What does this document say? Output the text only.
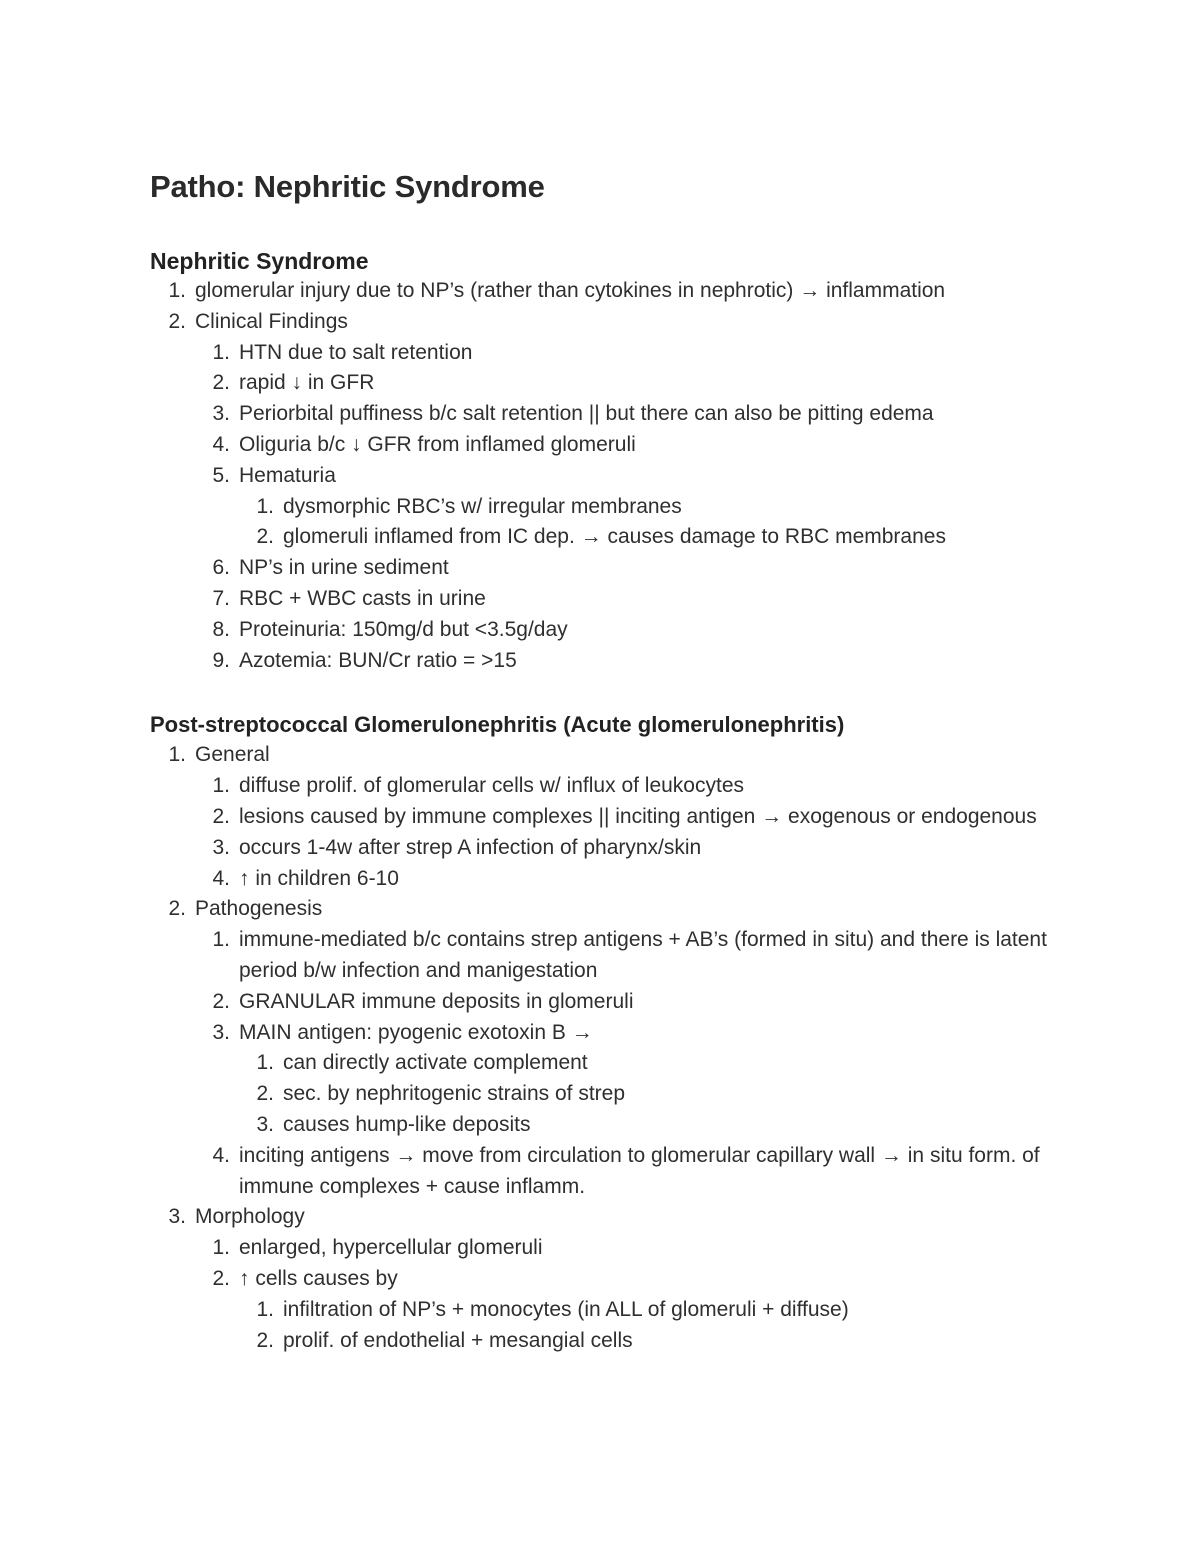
Patho: Nephritic Syndrome
Nephritic Syndrome
1. glomerular injury due to NP’s (rather than cytokines in nephrotic) → inflammation
2. Clinical Findings
1. HTN due to salt retention
2. rapid ↓ in GFR
3. Periorbital puffiness b/c salt retention || but there can also be pitting edema
4. Oliguria b/c ↓ GFR from inflamed glomeruli
5. Hematuria
1. dysmorphic RBC’s w/ irregular membranes
2. glomeruli inflamed from IC dep. → causes damage to RBC membranes
6. NP’s in urine sediment
7. RBC + WBC casts in urine
8. Proteinuria: 150mg/d but <3.5g/day
9. Azotemia: BUN/Cr ratio = >15
Post-streptococcal Glomerulonephritis (Acute glomerulonephritis)
1. General
1. diffuse prolif. of glomerular cells w/ influx of leukocytes
2. lesions caused by immune complexes || inciting antigen → exogenous or endogenous
3. occurs 1-4w after strep A infection of pharynx/skin
4. ↑ in children 6-10
2. Pathogenesis
1. immune-mediated b/c contains strep antigens + AB’s (formed in situ) and there is latent period b/w infection and manigestation
2. GRANULAR immune deposits in glomeruli
3. MAIN antigen: pyogenic exotoxin B →
1. can directly activate complement
2. sec. by nephritogenic strains of strep
3. causes hump-like deposits
4. inciting antigens → move from circulation to glomerular capillary wall → in situ form. of immune complexes + cause inflamm.
3. Morphology
1. enlarged, hypercellular glomeruli
2. ↑ cells causes by
1. infiltration of NP’s + monocytes (in ALL of glomeruli + diffuse)
2. prolif. of endothelial + mesangial cells
